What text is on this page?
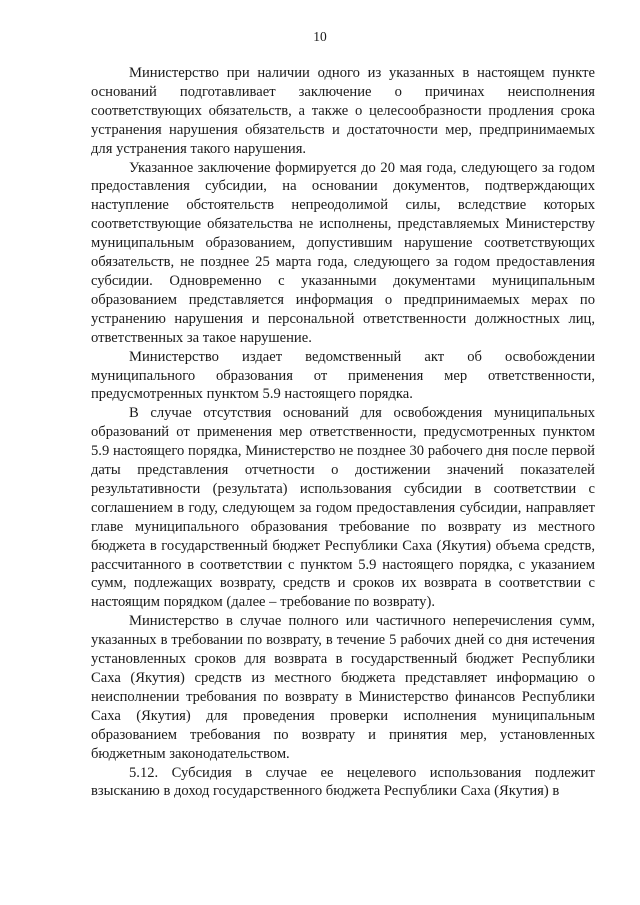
10

Министерство при наличии одного из указанных в настоящем пункте оснований подготавливает заключение о причинах неисполнения соответствующих обязательств, а также о целесообразности продления срока устранения нарушения обязательств и достаточности мер, предпринимаемых для устранения такого нарушения.

Указанное заключение формируется до 20 мая года, следующего за годом предоставления субсидии, на основании документов, подтверждающих наступление обстоятельств непреодолимой силы, вследствие которых соответствующие обязательства не исполнены, представляемых Министерству муниципальным образованием, допустившим нарушение соответствующих обязательств, не позднее 25 марта года, следующего за годом предоставления субсидии. Одновременно с указанными документами муниципальным образованием представляется информация о предпринимаемых мерах по устранению нарушения и персональной ответственности должностных лиц, ответственных за такое нарушение.

Министерство издает ведомственный акт об освобождении муниципального образования от применения мер ответственности, предусмотренных пунктом 5.9 настоящего порядка.

В случае отсутствия оснований для освобождения муниципальных образований от применения мер ответственности, предусмотренных пунктом 5.9 настоящего порядка, Министерство не позднее 30 рабочего дня после первой даты представления отчетности о достижении значений показателей результативности (результата) использования субсидии в соответствии с соглашением в году, следующем за годом предоставления субсидии, направляет главе муниципального образования требование по возврату из местного бюджета в государственный бюджет Республики Саха (Якутия) объема средств, рассчитанного в соответствии с пунктом 5.9 настоящего порядка, с указанием сумм, подлежащих возврату, средств и сроков их возврата в соответствии с настоящим порядком (далее – требование по возврату).

Министерство в случае полного или частичного неперечисления сумм, указанных в требовании по возврату, в течение 5 рабочих дней со дня истечения установленных сроков для возврата в государственный бюджет Республики Саха (Якутия) средств из местного бюджета представляет информацию о неисполнении требования по возврату в Министерство финансов Республики Саха (Якутия) для проведения проверки исполнения муниципальным образованием требования по возврату и принятия мер, установленных бюджетным законодательством.

5.12. Субсидия в случае ее нецелевого использования подлежит взысканию в доход государственного бюджета Республики Саха (Якутия) в
